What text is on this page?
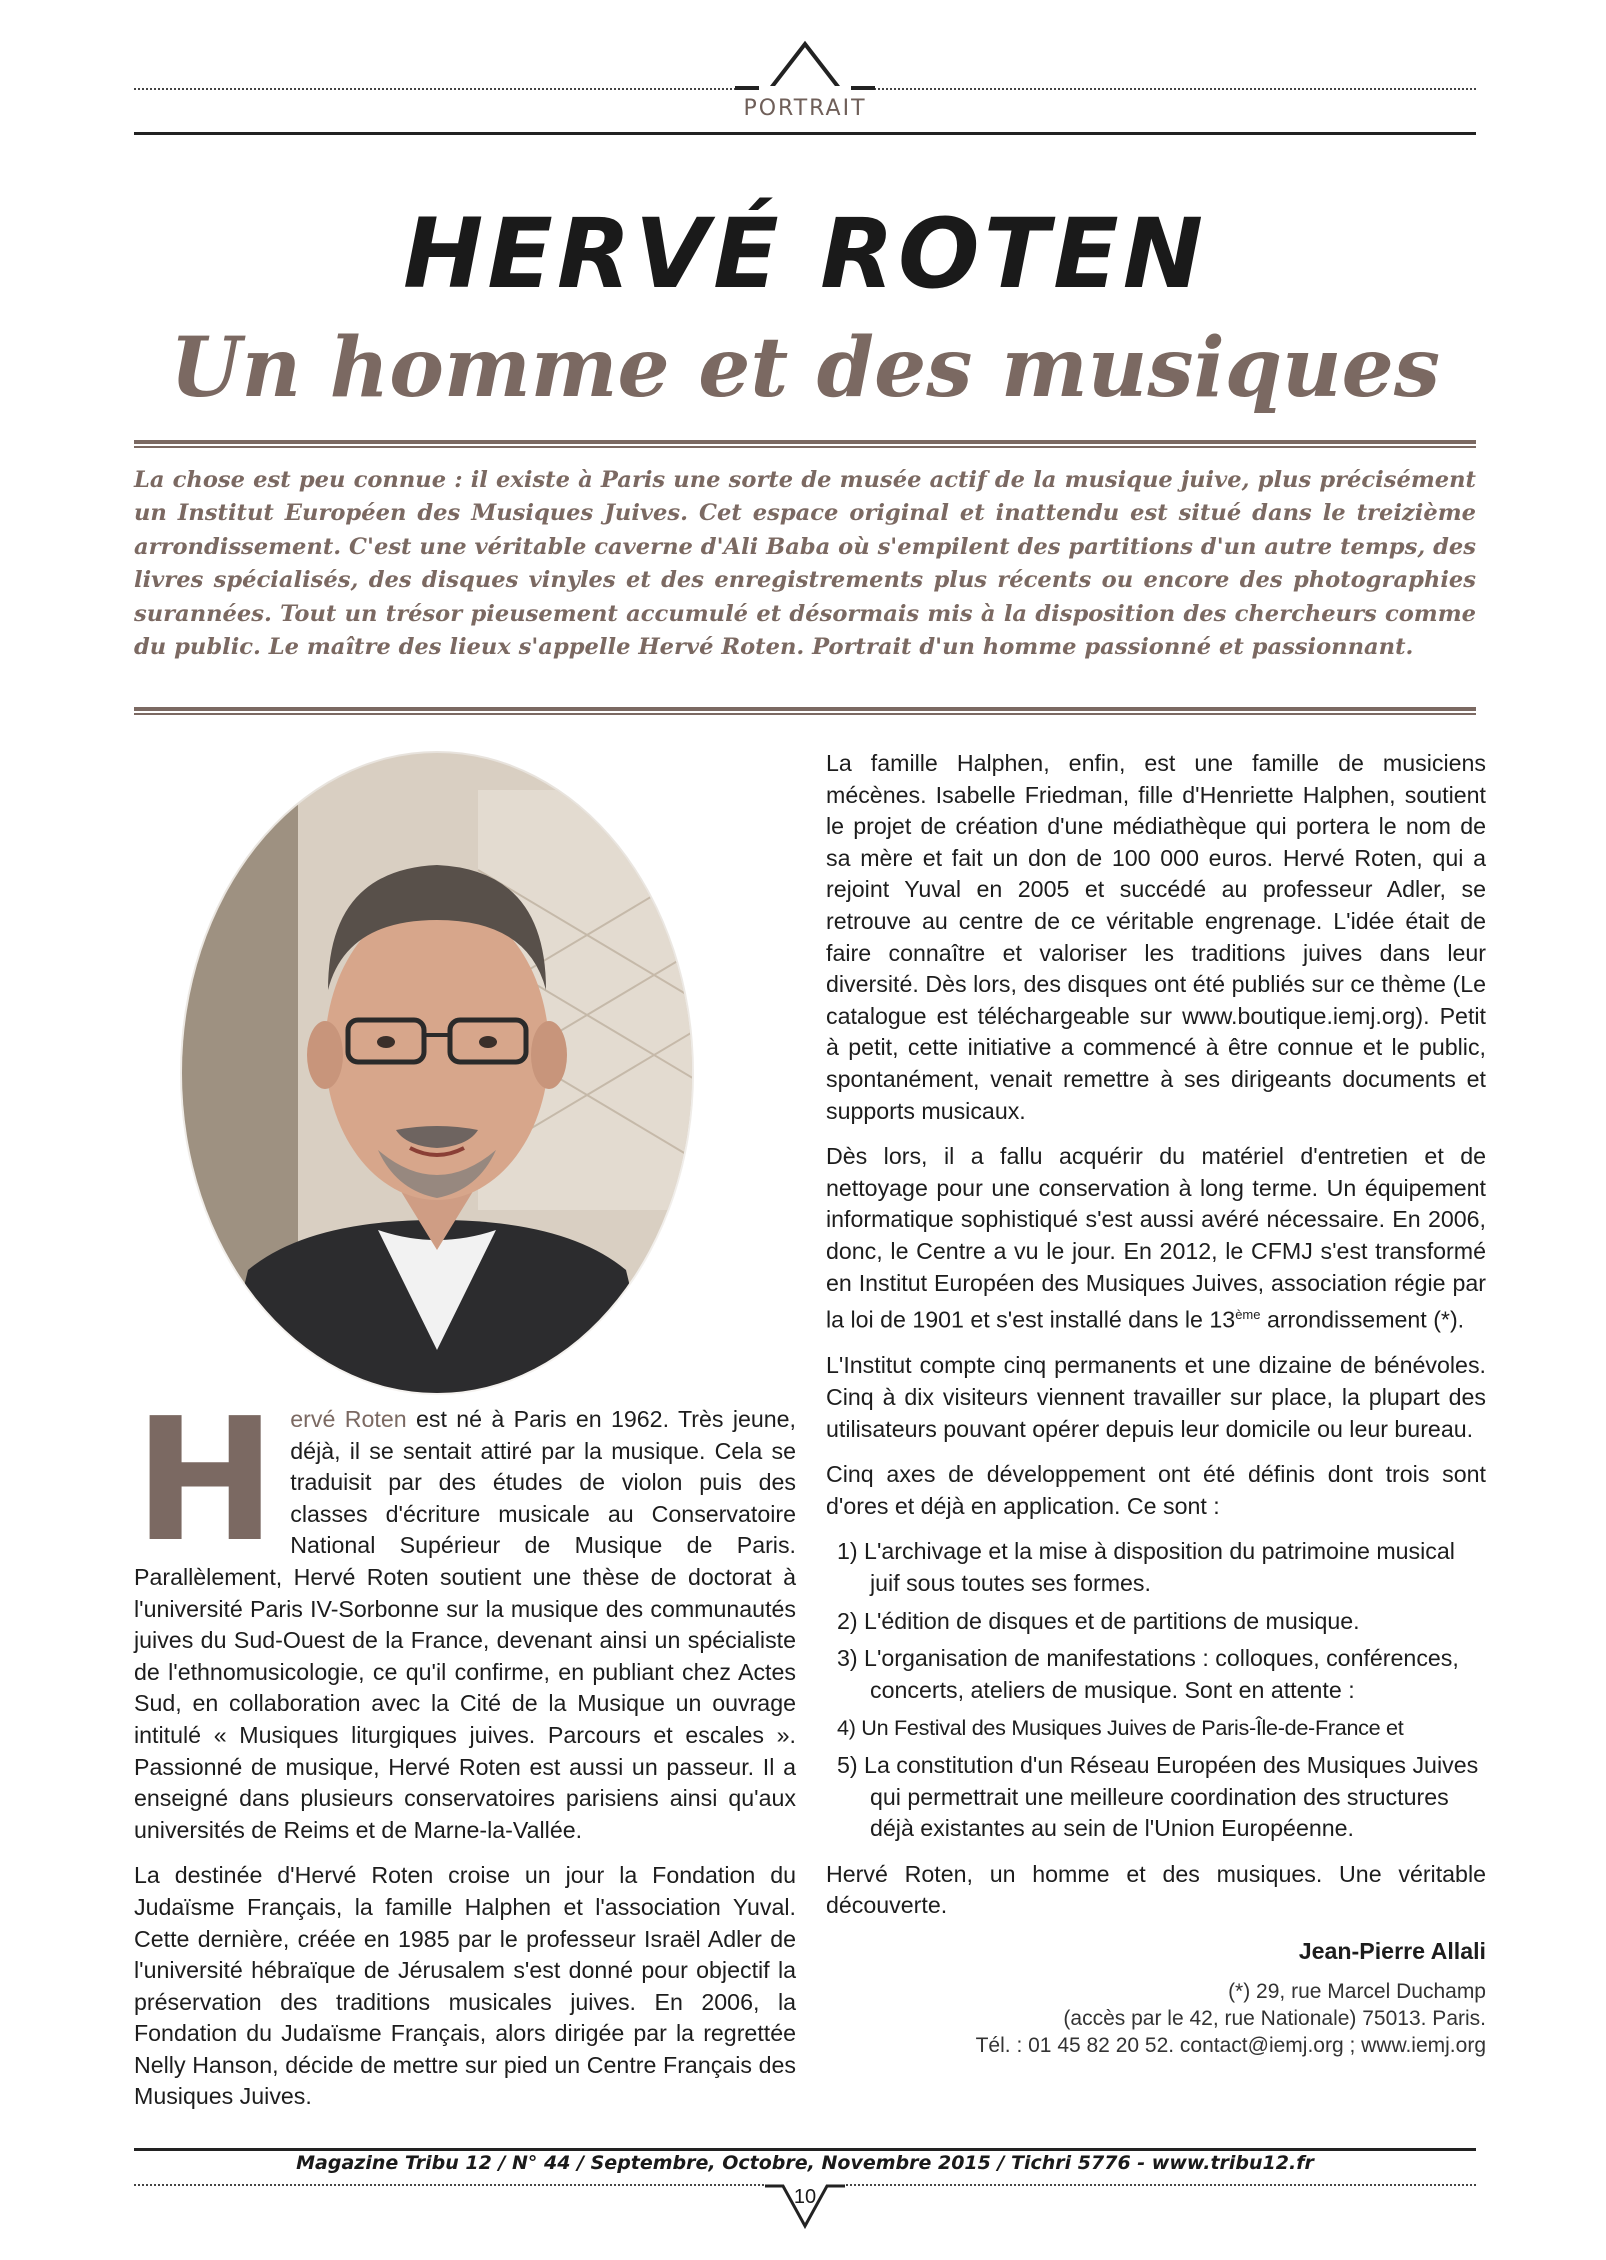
PORTRAIT
HERVÉ ROTEN
Un homme et des musiques

La chose est peu connue : il existe à Paris une sorte de musée actif de la musique juive, plus précisément un Institut Européen des Musiques Juives. Cet espace original et inattendu est situé dans le treizième arrondissement. C'est une véritable caverne d'Ali Baba où s'empilent des partitions d'un autre temps, des livres spécialisés, des disques vinyles et des enregistrements plus récents ou encore des photographies surannées. Tout un trésor pieusement accumulé et désormais mis à la disposition des chercheurs comme du public. Le maître des lieux s'appelle Hervé Roten. Portrait d'un homme passionné et passionnant.

Hervé Roten est né à Paris en 1962. Très jeune, déjà, il se sentait attiré par la musique. Cela se traduisit par des études de violon puis des classes d'écriture musicale au Conservatoire National Supérieur de Musique de Paris. Parallèlement, Hervé Roten soutient une thèse de doctorat à l'université Paris IV-Sorbonne sur la musique des communautés juives du Sud-Ouest de la France, devenant ainsi un spécialiste de l'ethnomusicologie, ce qu'il confirme, en publiant chez Actes Sud, en collaboration avec la Cité de la Musique un ouvrage intitulé « Musiques liturgiques juives. Parcours et escales ». Passionné de musique, Hervé Roten est aussi un passeur. Il a enseigné dans plusieurs conservatoires parisiens ainsi qu'aux universités de Reims et de Marne-la-Vallée.

La destinée d'Hervé Roten croise un jour la Fondation du Judaïsme Français, la famille Halphen et l'association Yuval. Cette dernière, créée en 1985 par le professeur Israël Adler de l'université hébraïque de Jérusalem s'est donné pour objectif la préservation des traditions musicales juives. En 2006, la Fondation du Judaïsme Français, alors dirigée par la regrettée Nelly Hanson, décide de mettre sur pied un Centre Français des Musiques Juives.

La famille Halphen, enfin, est une famille de musiciens mécènes. Isabelle Friedman, fille d'Henriette Halphen, soutient le projet de création d'une médiathèque qui portera le nom de sa mère et fait un don de 100 000 euros. Hervé Roten, qui a rejoint Yuval en 2005 et succédé au professeur Adler, se retrouve au centre de ce véritable engrenage. L'idée était de faire connaître et valoriser les traditions juives dans leur diversité. Dès lors, des disques ont été publiés sur ce thème (Le catalogue est téléchargeable sur www.boutique.iemj.org). Petit à petit, cette initiative a commencé à être connue et le public, spontanément, venait remettre à ses dirigeants documents et supports musicaux.

Dès lors, il a fallu acquérir du matériel d'entretien et de nettoyage pour une conservation à long terme. Un équipement informatique sophistiqué s'est aussi avéré nécessaire. En 2006, donc, le Centre a vu le jour. En 2012, le CFMJ s'est transformé en Institut Européen des Musiques Juives, association régie par la loi de 1901 et s'est installé dans le 13ème arrondissement (*).

L'Institut compte cinq permanents et une dizaine de bénévoles. Cinq à dix visiteurs viennent travailler sur place, la plupart des utilisateurs pouvant opérer depuis leur domicile ou leur bureau.

Cinq axes de développement ont été définis dont trois sont d'ores et déjà en application. Ce sont :

1) L'archivage et la mise à disposition du patrimoine musical juif sous toutes ses formes.
2) L'édition de disques et de partitions de musique.
3) L'organisation de manifestations : colloques, conférences, concerts, ateliers de musique. Sont en attente :
4) Un Festival des Musiques Juives de Paris-Île-de-France et
5) La constitution d'un Réseau Européen des Musiques Juives qui permettrait une meilleure coordination des structures déjà existantes au sein de l'Union Européenne.

Hervé Roten, un homme et des musiques. Une véritable découverte.

Jean-Pierre Allali
(*) 29, rue Marcel Duchamp
(accès par le 42, rue Nationale) 75013. Paris.
Tél. : 01 45 82 20 52. contact@iemj.org ; www.iemj.org
Magazine Tribu 12 / N° 44 / Septembre, Octobre, Novembre 2015 / Tichri 5776 - www.tribu12.fr
10
